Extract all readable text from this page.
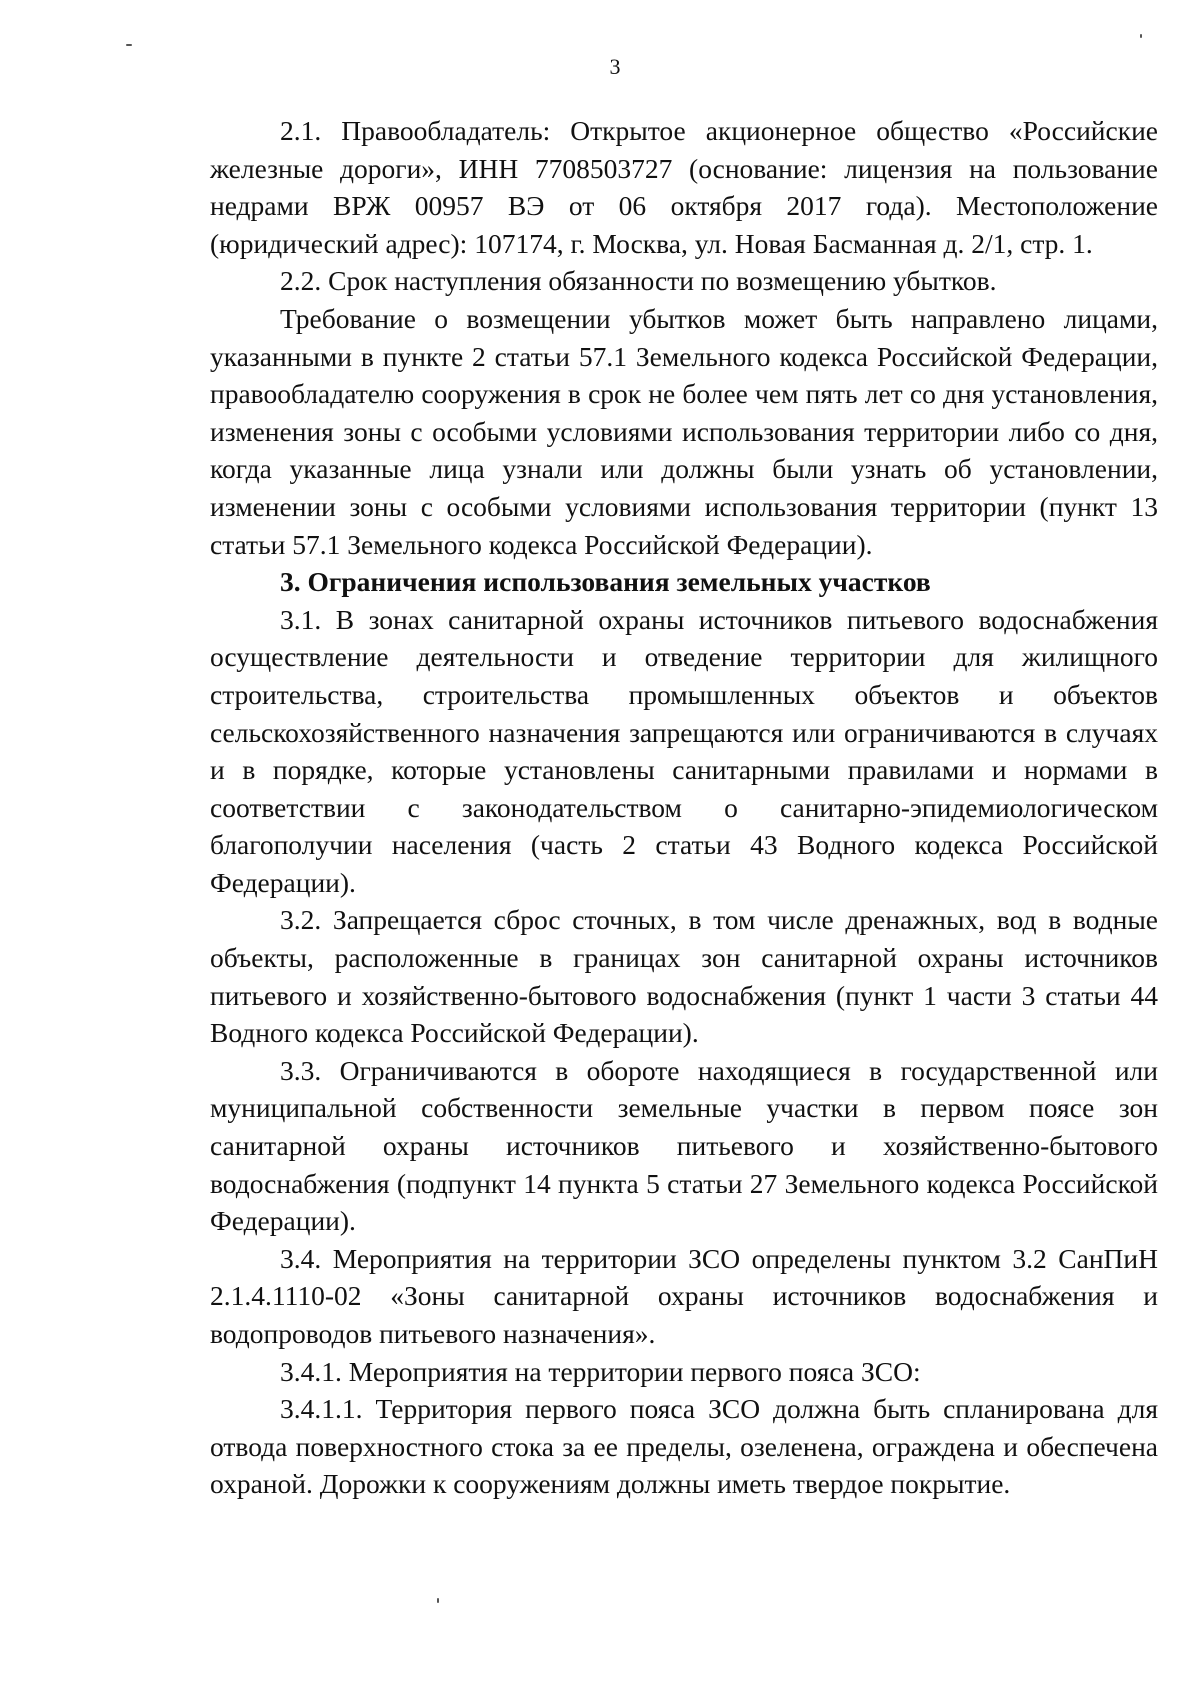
3

2.1. Правообладатель: Открытое акционерное общество «Российские железные дороги», ИНН 7708503727 (основание: лицензия на пользование недрами ВРЖ 00957 ВЭ от 06 октября 2017 года). Местоположение (юридический адрес): 107174, г. Москва, ул. Новая Басманная д. 2/1, стр. 1.

2.2. Срок наступления обязанности по возмещению убытков.

Требование о возмещении убытков может быть направлено лицами, указанными в пункте 2 статьи 57.1 Земельного кодекса Российской Федерации, правообладателю сооружения в срок не более чем пять лет со дня установления, изменения зоны с особыми условиями использования территории либо со дня, когда указанные лица узнали или должны были узнать об установлении, изменении зоны с особыми условиями использования территории (пункт 13 статьи 57.1 Земельного кодекса Российской Федерации).

3. Ограничения использования земельных участков

3.1. В зонах санитарной охраны источников питьевого водоснабжения осуществление деятельности и отведение территории для жилищного строительства, строительства промышленных объектов и объектов сельскохозяйственного назначения запрещаются или ограничиваются в случаях и в порядке, которые установлены санитарными правилами и нормами в соответствии с законодательством о санитарно-эпидемиологическом благополучии населения (часть 2 статьи 43 Водного кодекса Российской Федерации).

3.2. Запрещается сброс сточных, в том числе дренажных, вод в водные объекты, расположенные в границах зон санитарной охраны источников питьевого и хозяйственно-бытового водоснабжения (пункт 1 части 3 статьи 44 Водного кодекса Российской Федерации).

3.3. Ограничиваются в обороте находящиеся в государственной или муниципальной собственности земельные участки в первом поясе зон санитарной охраны источников питьевого и хозяйственно-бытового водоснабжения (подпункт 14 пункта 5 статьи 27 Земельного кодекса Российской Федерации).

3.4. Мероприятия на территории ЗСО определены пунктом 3.2 СанПиН 2.1.4.1110-02 «Зоны санитарной охраны источников водоснабжения и водопроводов питьевого назначения».

3.4.1. Мероприятия на территории первого пояса ЗСО:

3.4.1.1. Территория первого пояса ЗСО должна быть спланирована для отвода поверхностного стока за ее пределы, озеленена, ограждена и обеспечена охраной. Дорожки к сооружениям должны иметь твердое покрытие.
